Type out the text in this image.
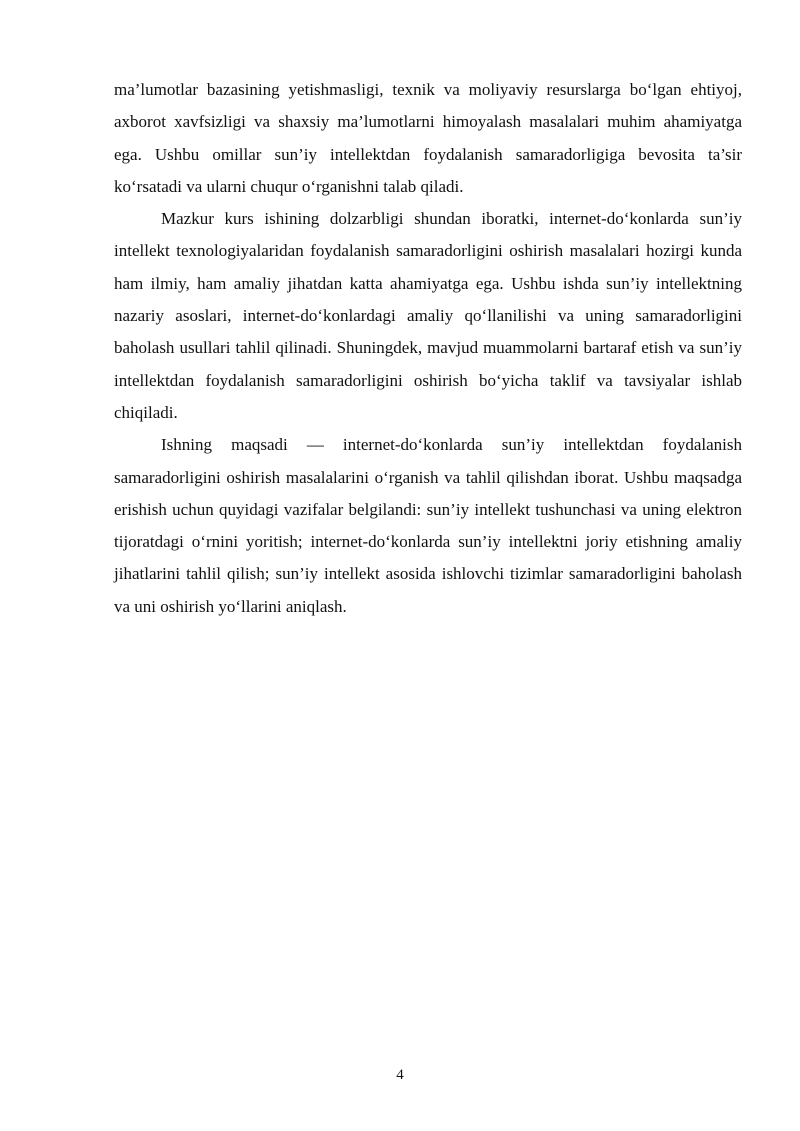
ma’lumotlar bazasining yetishmasligi, texnik va moliyaviy resurslarga bo‘lgan ehtiyoj, axborot xavfsizligi va shaxsiy ma’lumotlarni himoyalash masalalari muhim ahamiyatga ega. Ushbu omillar sun’iy intellektdan foydalanish samaradorligiga bevosita ta’sir ko‘rsatadi va ularni chuqur o‘rganishni talab qiladi.

Mazkur kurs ishining dolzarbligi shundan iboratki, internet-do‘konlarda sun’iy intellekt texnologiyalaridan foydalanish samaradorligini oshirish masalalari hozirgi kunda ham ilmiy, ham amaliy jihatdan katta ahamiyatga ega. Ushbu ishda sun’iy intellektning nazariy asoslari, internet-do‘konlardagi amaliy qo‘llanilishi va uning samaradorligini baholash usullari tahlil qilinadi. Shuningdek, mavjud muammolarni bartaraf etish va sun’iy intellektdan foydalanish samaradorligini oshirish bo‘yicha taklif va tavsiyalar ishlab chiqiladi.

Ishning maqsadi — internet-do‘konlarda sun’iy intellektdan foydalanish samaradorligini oshirish masalalarini o‘rganish va tahlil qilishdan iborat. Ushbu maqsadga erishish uchun quyidagi vazifalar belgilandi: sun’iy intellekt tushunchasi va uning elektron tijoratdagi o‘rnini yoritish; internet-do‘konlarda sun’iy intellektni joriy etishning amaliy jihatlarini tahlil qilish; sun’iy intellekt asosida ishlovchi tizimlar samaradorligini baholash va uni oshirish yo‘llarini aniqlash.

4
